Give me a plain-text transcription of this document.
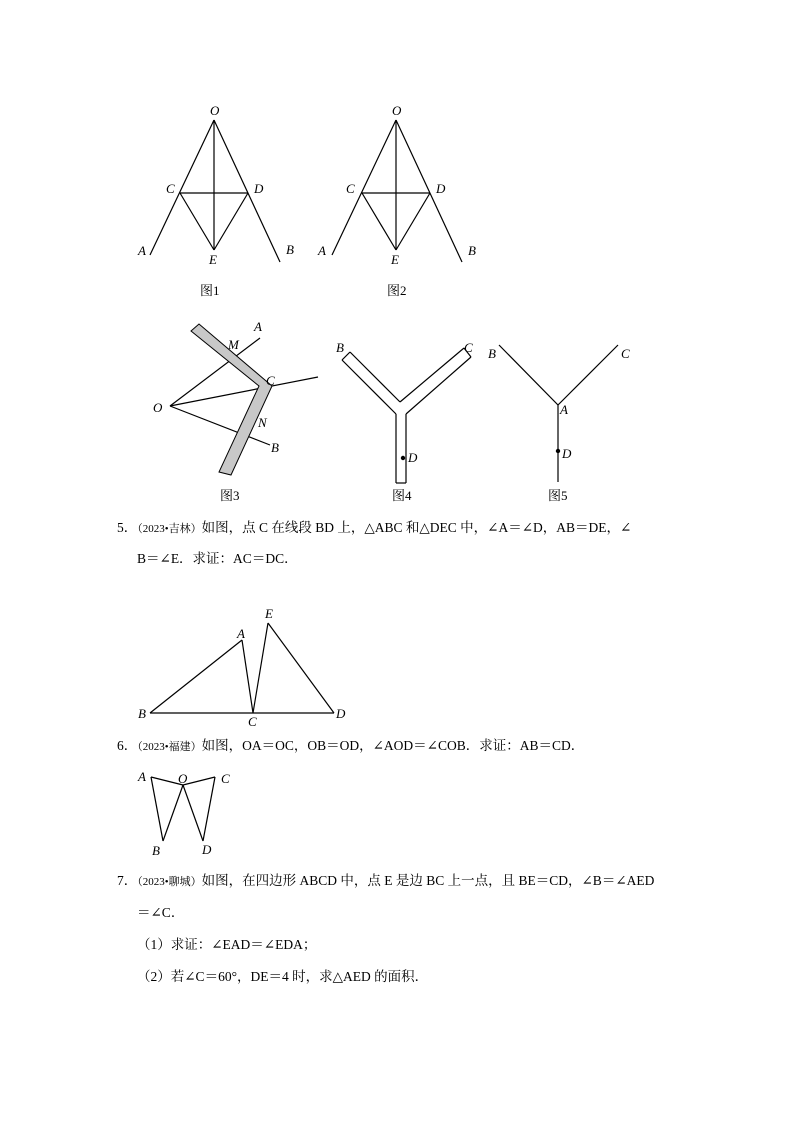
O
C	D
A	B
E
图1
O
C	D
A	B
E
图2
A
M
C
O
N
B
图3
B	C
D
图4
B	C
A
D
图5
5．（2023•吉林）如图，点 C 在线段 BD 上，△ABC 和△DEC 中，∠A＝∠D，AB＝DE，∠
B＝∠E．求证：AC＝DC．
E
A
B
C
D
6．（2023•福建）如图，OA＝OC，OB＝OD，∠AOD＝∠COB．求证：AB＝CD．
A O	C
B	D
7．（2023•聊城）如图，在四边形 ABCD 中，点 E 是边 BC 上一点，且 BE＝CD，∠B＝∠AED
＝∠C．
（1）求证：∠EAD＝∠EDA；
（2）若∠C＝60°，DE＝4 时，求△AED 的面积．
